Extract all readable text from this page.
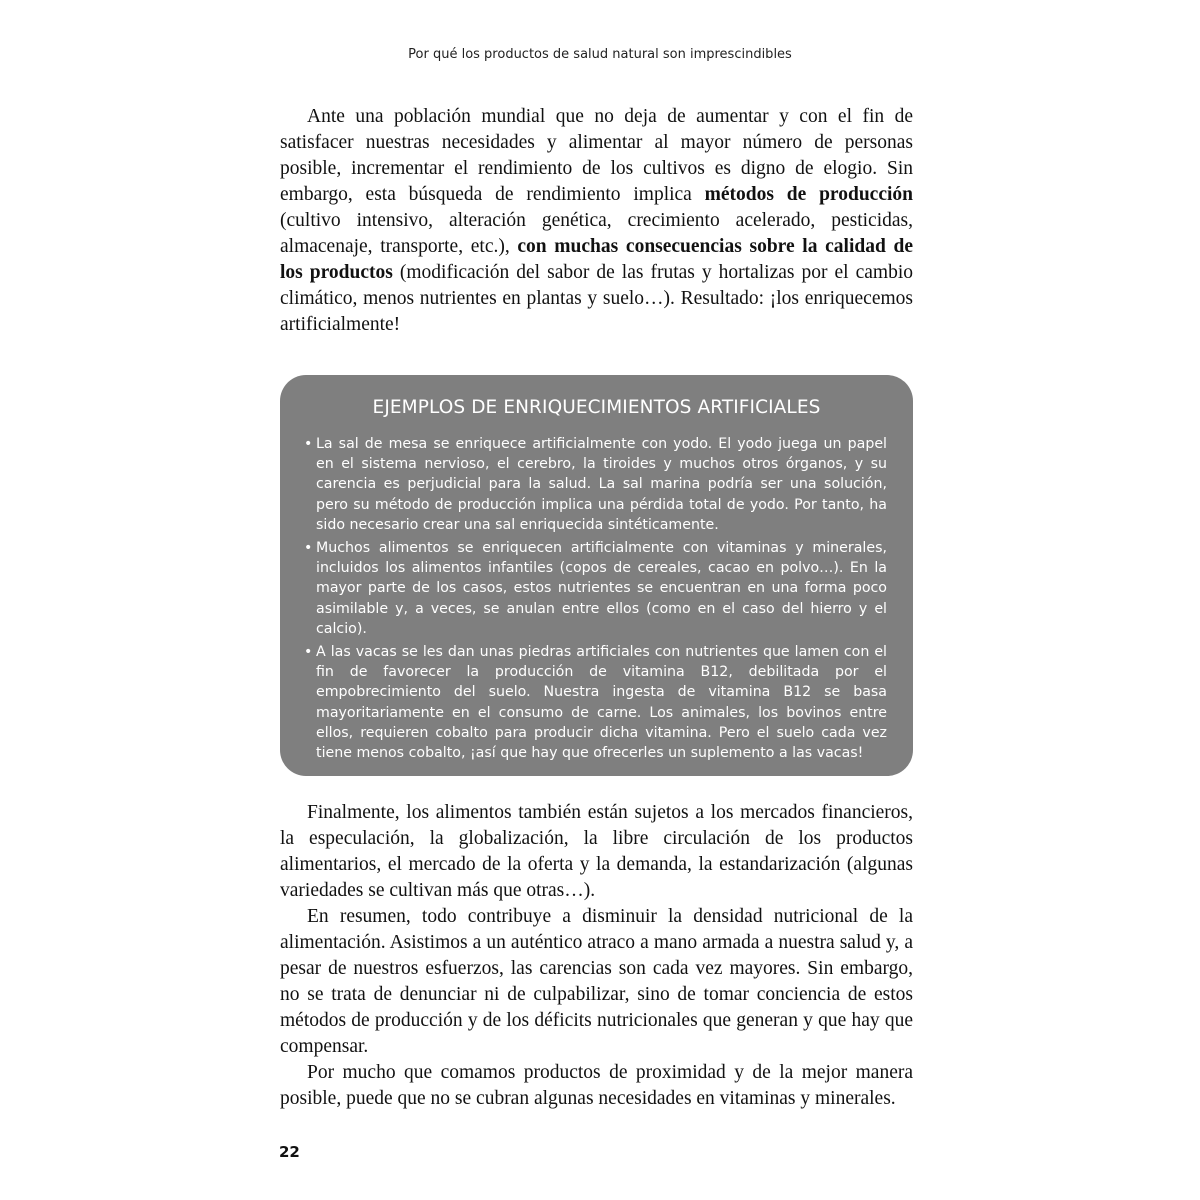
Por qué los productos de salud natural son imprescindibles

Ante una población mundial que no deja de aumentar y con el fin de satisfacer nuestras necesidades y alimentar al mayor número de personas posible, incrementar el rendimiento de los cultivos es digno de elogio. Sin embargo, esta búsqueda de rendimiento implica métodos de producción (cultivo intensivo, alteración genética, crecimiento acelerado, pesticidas, almacenaje, transporte, etc.), con muchas consecuencias sobre la calidad de los productos (modificación del sabor de las frutas y hortalizas por el cambio climático, menos nutrientes en plantas y suelo…). Resultado: ¡los enriquecemos artificialmente!

EJEMPLOS DE ENRIQUECIMIENTOS ARTIFICIALES
• La sal de mesa se enriquece artificialmente con yodo. El yodo juega un papel en el sistema nervioso, el cerebro, la tiroides y muchos otros órganos, y su carencia es perjudicial para la salud. La sal marina podría ser una solución, pero su método de producción implica una pérdida total de yodo. Por tanto, ha sido necesario crear una sal enriquecida sintéticamente.
• Muchos alimentos se enriquecen artificialmente con vitaminas y minerales, incluidos los alimentos infantiles (copos de cereales, cacao en polvo…). En la mayor parte de los casos, estos nutrientes se encuentran en una forma poco asimilable y, a veces, se anulan entre ellos (como en el caso del hierro y el calcio).
• A las vacas se les dan unas piedras artificiales con nutrientes que lamen con el fin de favorecer la producción de vitamina B12, debilitada por el empobrecimiento del suelo. Nuestra ingesta de vitamina B12 se basa mayoritariamente en el consumo de carne. Los animales, los bovinos entre ellos, requieren cobalto para producir dicha vitamina. Pero el suelo cada vez tiene menos cobalto, ¡así que hay que ofrecerles un suplemento a las vacas!

Finalmente, los alimentos también están sujetos a los mercados financieros, la especulación, la globalización, la libre circulación de los productos alimentarios, el mercado de la oferta y la demanda, la estandarización (algunas variedades se cultivan más que otras…).

En resumen, todo contribuye a disminuir la densidad nutricional de la alimentación. Asistimos a un auténtico atraco a mano armada a nuestra salud y, a pesar de nuestros esfuerzos, las carencias son cada vez mayores. Sin embargo, no se trata de denunciar ni de culpabilizar, sino de tomar conciencia de estos métodos de producción y de los déficits nutricionales que generan y que hay que compensar.

Por mucho que comamos productos de proximidad y de la mejor manera posible, puede que no se cubran algunas necesidades en vitaminas y minerales.

22
